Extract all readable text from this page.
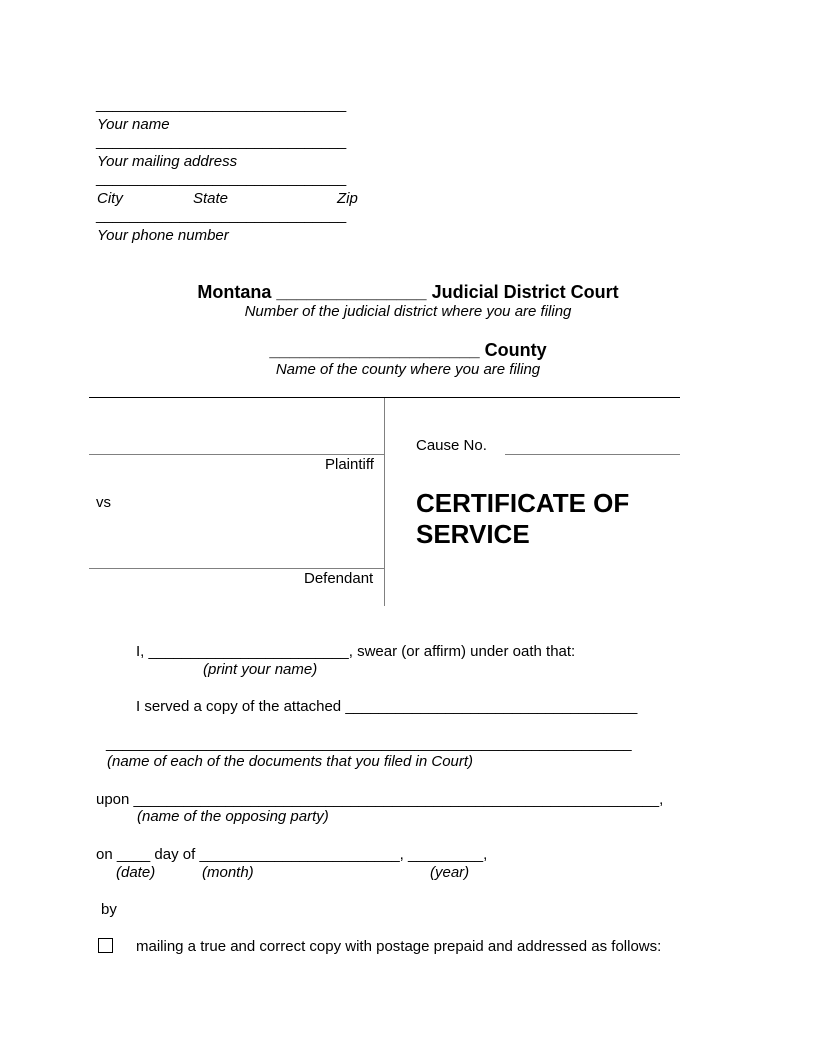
______________________________
Your name
______________________________
Your mailing address
______________________________
City	State	Zip
______________________________
Your phone number
Montana _______________ Judicial District Court
Number of the judicial district where you are filing
_____________________ County
Name of the county where you are filing
Plaintiff
vs
Defendant
Cause No.
CERTIFICATE OF
SERVICE
I, ________________________, swear (or affirm) under oath that:
(print your name)
I served a copy of the attached ___________________________________
_______________________________________________________________
(name of each of the documents that you filed in Court)
upon _______________________________________________________________,
(name of the opposing party)
on ____ day of ________________________, _________,
(date)	(month)	(year)
by
mailing a true and correct copy with postage prepaid and addressed as follows:
